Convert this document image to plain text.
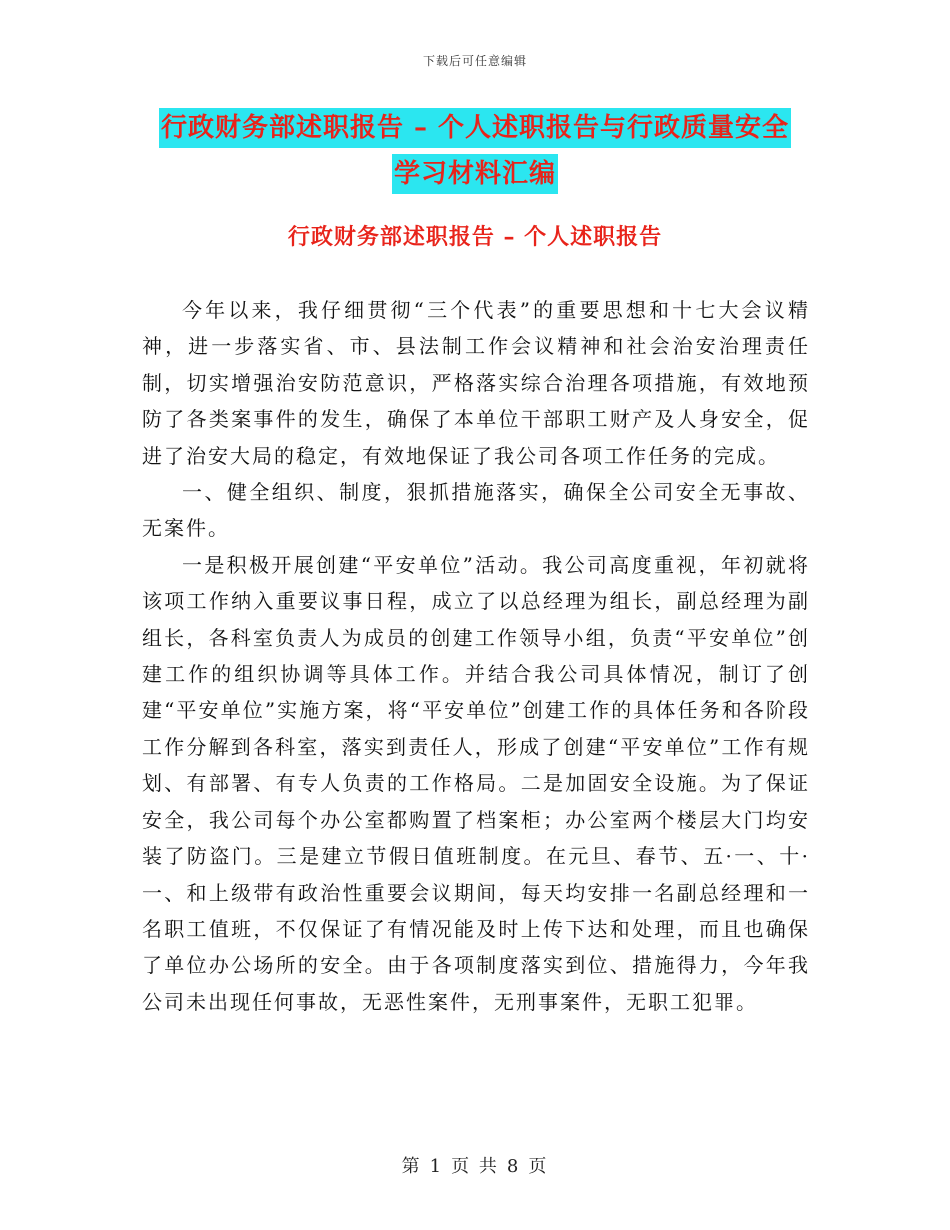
下载后可任意编辑
行政财务部述职报告 – 个人述职报告与行政质量安全
学习材料汇编
行政财务部述职报告 – 个人述职报告

今年以来，我仔细贯彻“三个代表”的重要思想和十七大会议精神，进一步落实省、市、县法制工作会议精神和社会治安治理责任制，切实增强治安防范意识，严格落实综合治理各项措施，有效地预防了各类案事件的发生，确保了本单位干部职工财产及人身安全，促进了治安大局的稳定，有效地保证了我公司各项工作任务的完成。

一、健全组织、制度，狠抓措施落实，确保全公司安全无事故、无案件。

一是积极开展创建“平安单位”活动。我公司高度重视，年初就将该项工作纳入重要议事日程，成立了以总经理为组长，副总经理为副组长，各科室负责人为成员的创建工作领导小组，负责“平安单位”创建工作的组织协调等具体工作。并结合我公司具体情况，制订了创建“平安单位”实施方案，将“平安单位”创建工作的具体任务和各阶段工作分解到各科室，落实到责任人，形成了创建“平安单位”工作有规划、有部署、有专人负责的工作格局。二是加固安全设施。为了保证安全，我公司每个办公室都购置了档案柜；办公室两个楼层大门均安装了防盗门。三是建立节假日值班制度。在元旦、春节、五·一、十·一、和上级带有政治性重要会议期间，每天均安排一名副总经理和一名职工值班，不仅保证了有情况能及时上传下达和处理，而且也确保了单位办公场所的安全。由于各项制度落实到位、措施得力，今年我公司未出现任何事故，无恶性案件，无刑事案件，无职工犯罪。

第 1 页 共 8 页
